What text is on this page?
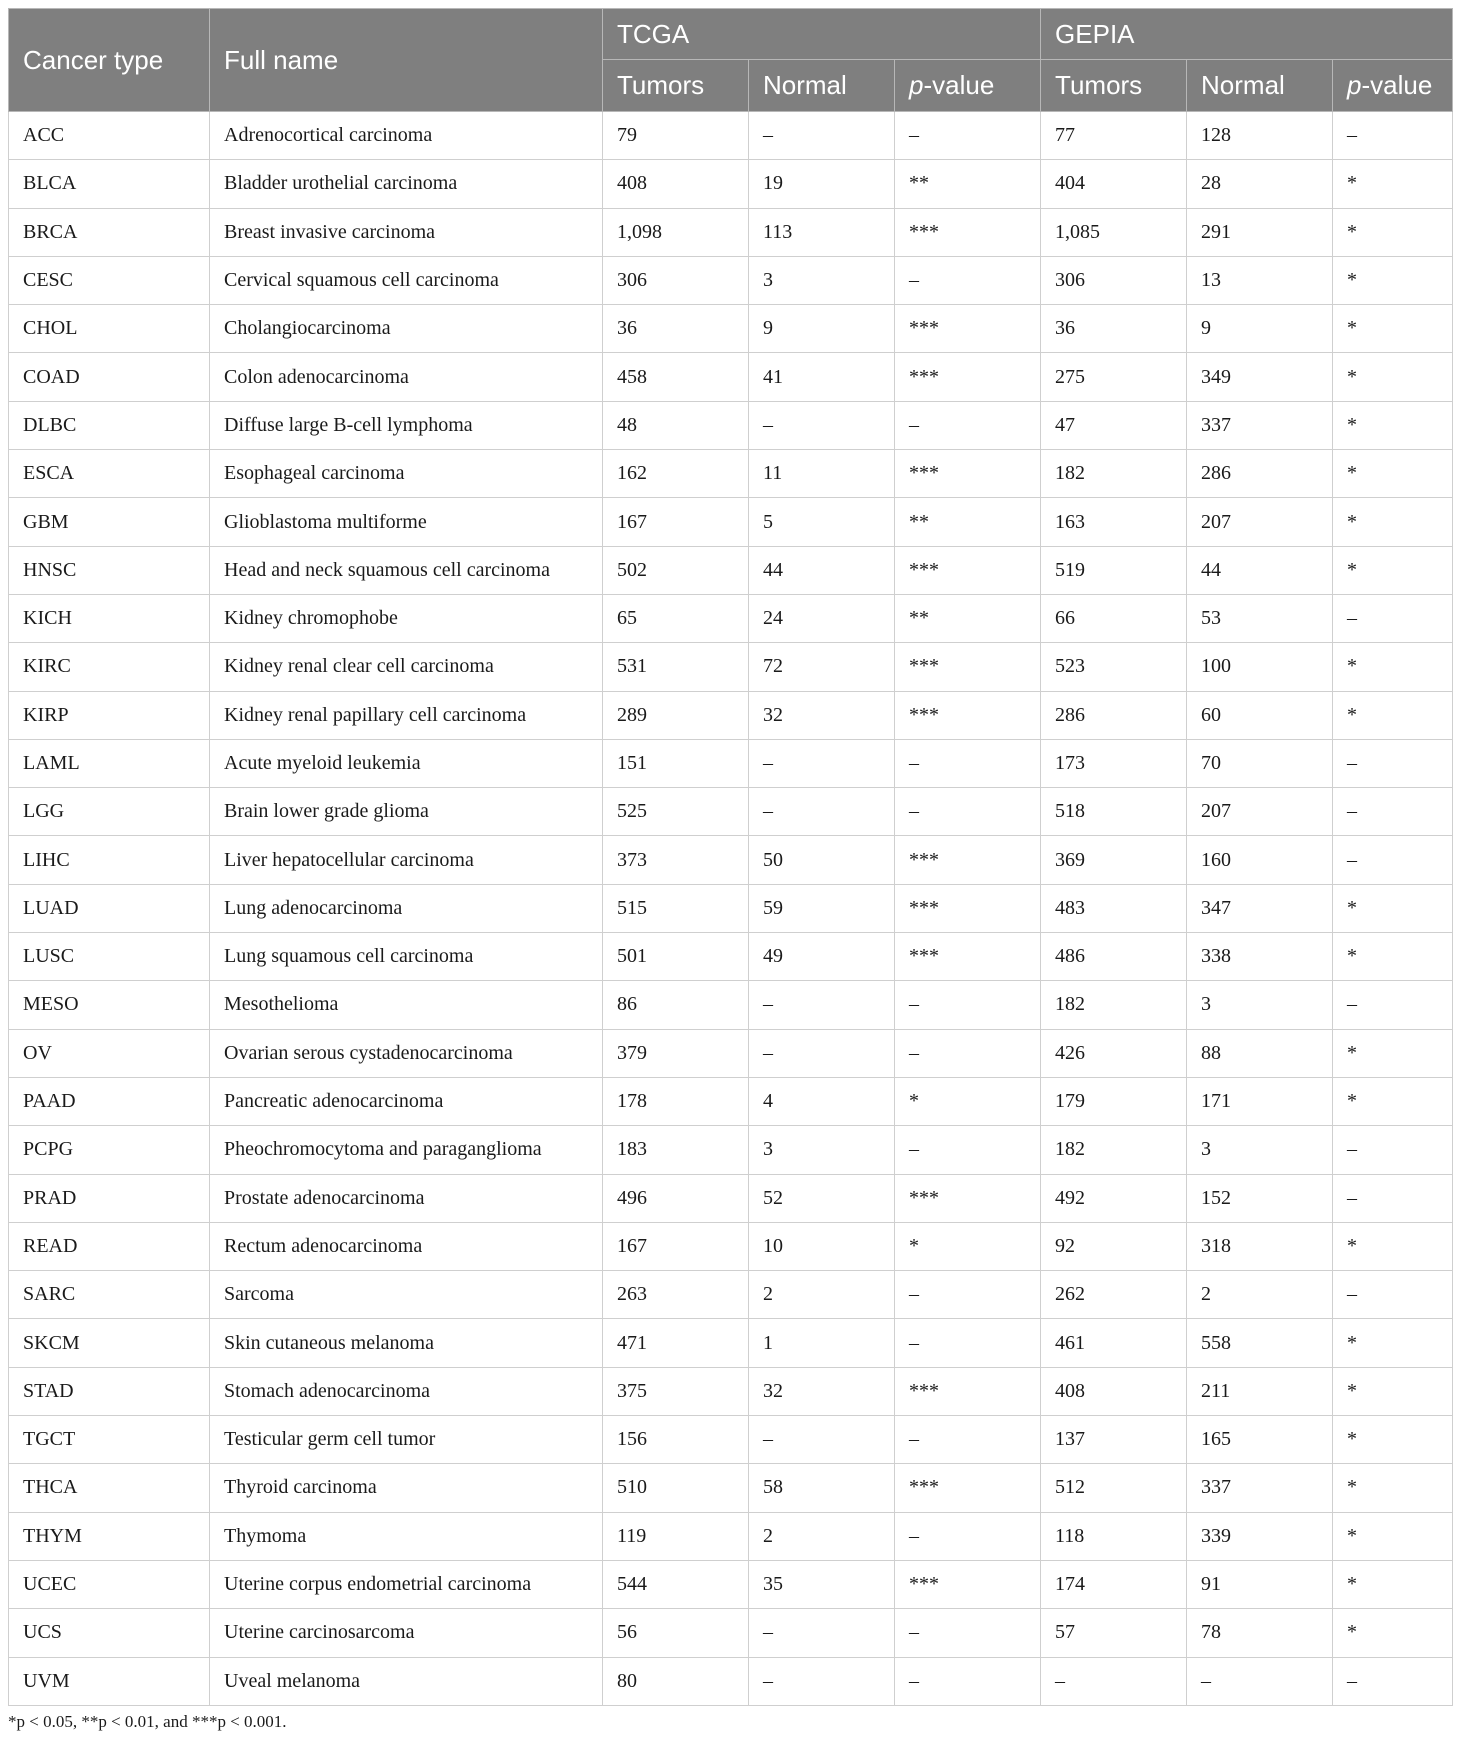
Cancer type	Full name	TCGA			GEPIA		
		Tumors	Normal	p-value	Tumors	Normal	p-value
ACC	Adrenocortical carcinoma	79	–	–	77	128	–
BLCA	Bladder urothelial carcinoma	408	19	**	404	28	*
BRCA	Breast invasive carcinoma	1,098	113	***	1,085	291	*
CESC	Cervical squamous cell carcinoma	306	3	–	306	13	*
CHOL	Cholangiocarcinoma	36	9	***	36	9	*
COAD	Colon adenocarcinoma	458	41	***	275	349	*
DLBC	Diffuse large B-cell lymphoma	48	–	–	47	337	*
ESCA	Esophageal carcinoma	162	11	***	182	286	*
GBM	Glioblastoma multiforme	167	5	**	163	207	*
HNSC	Head and neck squamous cell carcinoma	502	44	***	519	44	*
KICH	Kidney chromophobe	65	24	**	66	53	–
KIRC	Kidney renal clear cell carcinoma	531	72	***	523	100	*
KIRP	Kidney renal papillary cell carcinoma	289	32	***	286	60	*
LAML	Acute myeloid leukemia	151	–	–	173	70	–
LGG	Brain lower grade glioma	525	–	–	518	207	–
LIHC	Liver hepatocellular carcinoma	373	50	***	369	160	–
LUAD	Lung adenocarcinoma	515	59	***	483	347	*
LUSC	Lung squamous cell carcinoma	501	49	***	486	338	*
MESO	Mesothelioma	86	–	–	182	3	–
OV	Ovarian serous cystadenocarcinoma	379	–	–	426	88	*
PAAD	Pancreatic adenocarcinoma	178	4	*	179	171	*
PCPG	Pheochromocytoma and paraganglioma	183	3	–	182	3	–
PRAD	Prostate adenocarcinoma	496	52	***	492	152	–
READ	Rectum adenocarcinoma	167	10	*	92	318	*
SARC	Sarcoma	263	2	–	262	2	–
SKCM	Skin cutaneous melanoma	471	1	–	461	558	*
STAD	Stomach adenocarcinoma	375	32	***	408	211	*
TGCT	Testicular germ cell tumor	156	–	–	137	165	*
THCA	Thyroid carcinoma	510	58	***	512	337	*
THYM	Thymoma	119	2	–	118	339	*
UCEC	Uterine corpus endometrial carcinoma	544	35	***	174	91	*
UCS	Uterine carcinosarcoma	56	–	–	57	78	*
UVM	Uveal melanoma	80	–	–	–	–	–
*p < 0.05, **p < 0.01, and ***p < 0.001.
